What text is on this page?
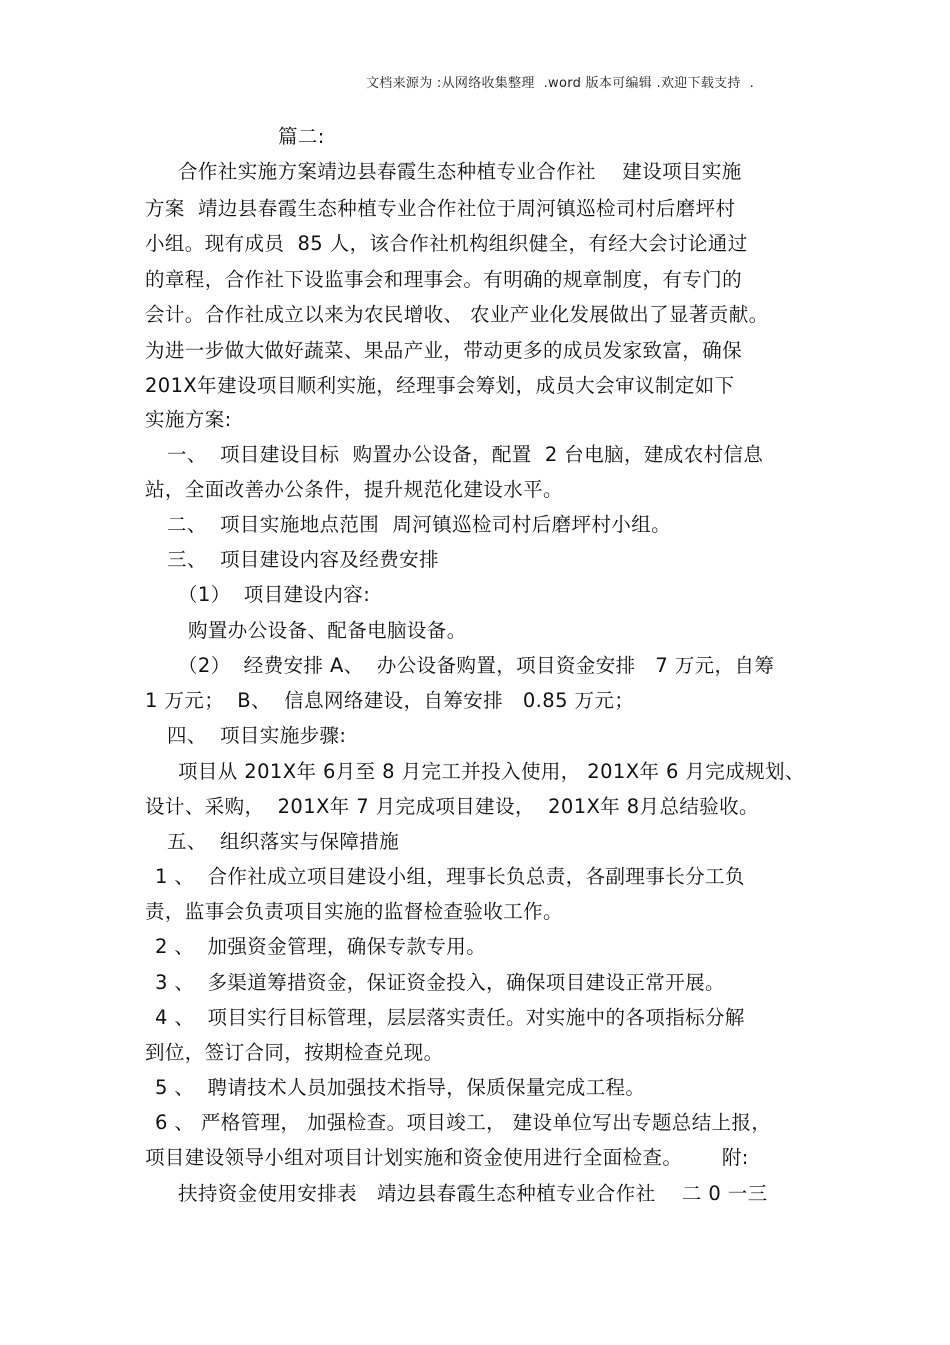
文档来源为 :从网络收集整理  .word 版本可编辑 .欢迎下载支持  .
篇二:
合作社实施方案靖边县春霞生态种植专业合作社    建设项目实施
方案  靖边县春霞生态种植专业合作社位于周河镇巡检司村后磨坪村
小组。现有成员  85 人，该合作社机构组织健全，有经大会讨论通过
的章程，合作社下设监事会和理事会。有明确的规章制度，有专门的
会计。合作社成立以来为农民增收、 农业产业化发展做出了显著贡献。
为进一步做大做好蔬菜、果品产业，带动更多的成员发家致富，确保
201X年建设项目顺利实施，经理事会筹划，成员大会审议制定如下
实施方案:
一、  项目建设目标  购置办公设备，配置  2 台电脑，建成农村信息
站，全面改善办公条件，提升规范化建设水平。
二、  项目实施地点范围  周河镇巡检司村后磨坪村小组。
三、  项目建设内容及经费安排
（1）  项目建设内容:
购置办公设备、配备电脑设备。
（2）  经费安排 A、  办公设备购置，项目资金安排   7 万元，自筹
1 万元；  B、  信息网络建设，自筹安排   0.85 万元；
四、  项目实施步骤:
项目从 201X年 6月至 8 月完工并投入使用， 201X年 6 月完成规划、
设计、采购，  201X年 7 月完成项目建设，  201X年 8月总结验收。
五、  组织落实与保障措施
1 、  合作社成立项目建设小组，理事长负总责，各副理事长分工负
责，监事会负责项目实施的监督检查验收工作。
2 、  加强资金管理，确保专款专用。
3 、  多渠道筹措资金，保证资金投入，确保项目建设正常开展。
4 、  项目实行目标管理，层层落实责任。对实施中的各项指标分解
到位，签订合同，按期检查兑现。
5 、  聘请技术人员加强技术指导，保质保量完成工程。
6 、 严格管理， 加强检查。项目竣工， 建设单位写出专题总结上报，
项目建设领导小组对项目计划实施和资金使用进行全面检查。      附:
扶持资金使用安排表   靖边县春霞生态种植专业合作社    二 0 一三
